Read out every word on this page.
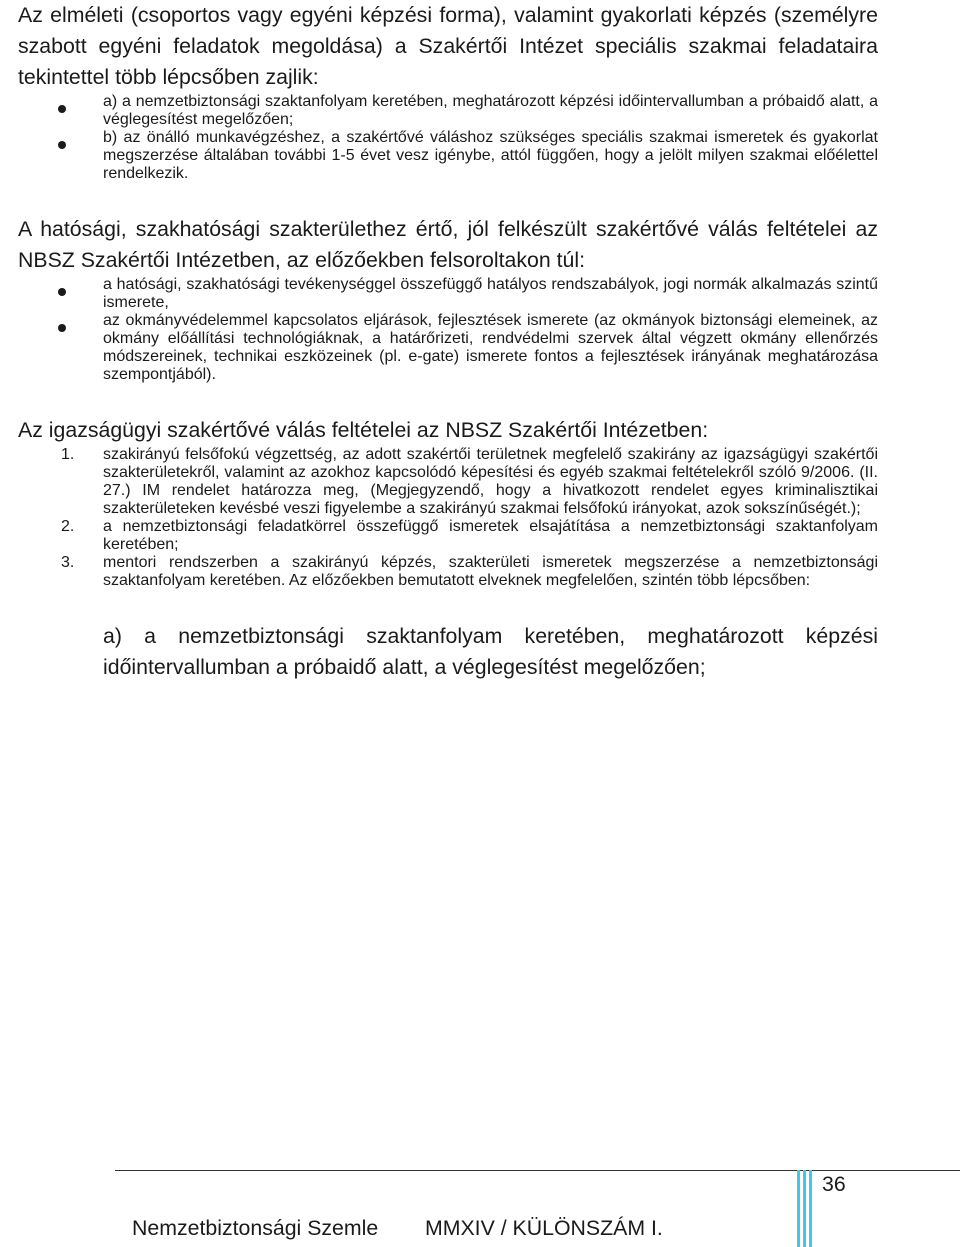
Az elméleti (csoportos vagy egyéni képzési forma), valamint gyakorlati képzés (személyre szabott egyéni feladatok megoldása) a Szakértői Intézet speciális szakmai feladataira tekintettel több lépcsőben zajlik:

a) a nemzetbiztonsági szaktanfolyam keretében, meghatározott képzési időintervallumban a próbaidő alatt, a véglegesítést megelőzően;
b) az önálló munkavégzéshez, a szakértővé váláshoz szükséges speciális szakmai ismeretek és gyakorlat megszerzése általában további 1-5 évet vesz igénybe, attól függően, hogy a jelölt milyen szakmai előélettel rendelkezik.

A hatósági, szakhatósági szakterülethez értő, jól felkészült szakértővé válás feltételei az NBSZ Szakértői Intézetben, az előzőekben felsoroltakon túl:

a hatósági, szakhatósági tevékenységgel összefüggő hatályos rendszabályok, jogi normák alkalmazás szintű ismerete,
az okmányvédelemmel kapcsolatos eljárások, fejlesztések ismerete (az okmányok biztonsági elemeinek, az okmány előállítási technológiáknak, a határőrizeti, rendvédelmi szervek által végzett okmány ellenőrzés módszereinek, technikai eszközeinek (pl. e-gate) ismerete fontos a fejlesztések irányának meghatározása szempontjából).

Az igazságügyi szakértővé válás feltételei az NBSZ Szakértői Intézetben:

1.	szakirányú felsőfokú végzettség, az adott szakértői területnek megfelelő szakirány az igazságügyi szakértői szakterületekről, valamint az azokhoz kapcsolódó képesítési és egyéb szakmai feltételekről szóló 9/2006. (II. 27.) IM rendelet határozza meg, (Megjegyzendő, hogy a hivatkozott rendelet egyes kriminalisztikai szakterületeken kevésbé veszi figyelembe a szakirányú szakmai felsőfokú irányokat, azok sokszínűségét.);
2.	a nemzetbiztonsági feladatkörrel összefüggő ismeretek elsajátítása a nemzetbiztonsági szaktanfolyam keretében;
3.	mentori rendszerben a szakirányú képzés, szakterületi ismeretek megszerzése a nemzetbiztonsági szaktanfolyam keretében. Az előzőekben bemutatott elveknek megfelelően, szintén több lépcsőben:

a) a nemzetbiztonsági szaktanfolyam keretében, meghatározott képzési időintervallumban a próbaidő alatt, a véglegesítést megelőzően;

36
Nemzetbiztonsági Szemle MMXIV / KÜLÖNSZÁM I.
